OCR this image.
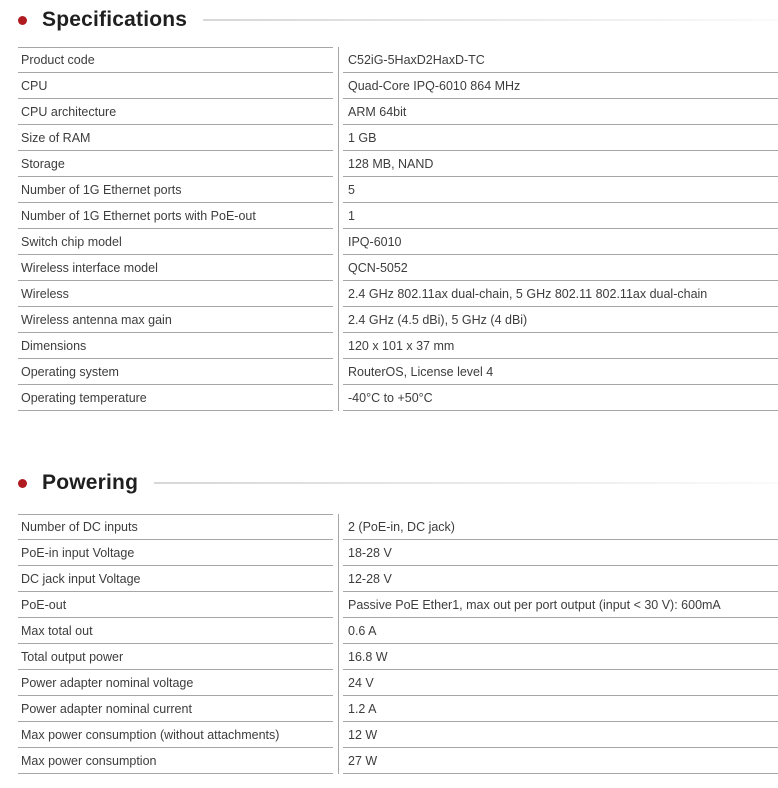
Specifications
Product code	C52iG-5HaxD2HaxD-TC
CPU	Quad-Core IPQ-6010 864 MHz
CPU architecture	ARM 64bit
Size of RAM	1 GB
Storage	128 MB, NAND
Number of 1G Ethernet ports	5
Number of 1G Ethernet ports with PoE-out	1
Switch chip model	IPQ-6010
Wireless interface model	QCN-5052
Wireless	2.4 GHz 802.11ax dual-chain, 5 GHz 802.11 802.11ax dual-chain
Wireless antenna max gain	2.4 GHz (4.5 dBi), 5 GHz (4 dBi)
Dimensions	120 x 101 x 37 mm
Operating system	RouterOS, License level 4
Operating temperature	-40°C to +50°C
Powering
Number of DC inputs	2 (PoE-in, DC jack)
PoE-in input Voltage	18-28 V
DC jack input Voltage	12-28 V
PoE-out	Passive PoE Ether1, max out per port output (input < 30 V): 600mA
Max total out	0.6 A
Total output power	16.8 W
Power adapter nominal voltage	24 V
Power adapter nominal current	1.2 A
Max power consumption (without attachments)	12 W
Max power consumption	27 W
